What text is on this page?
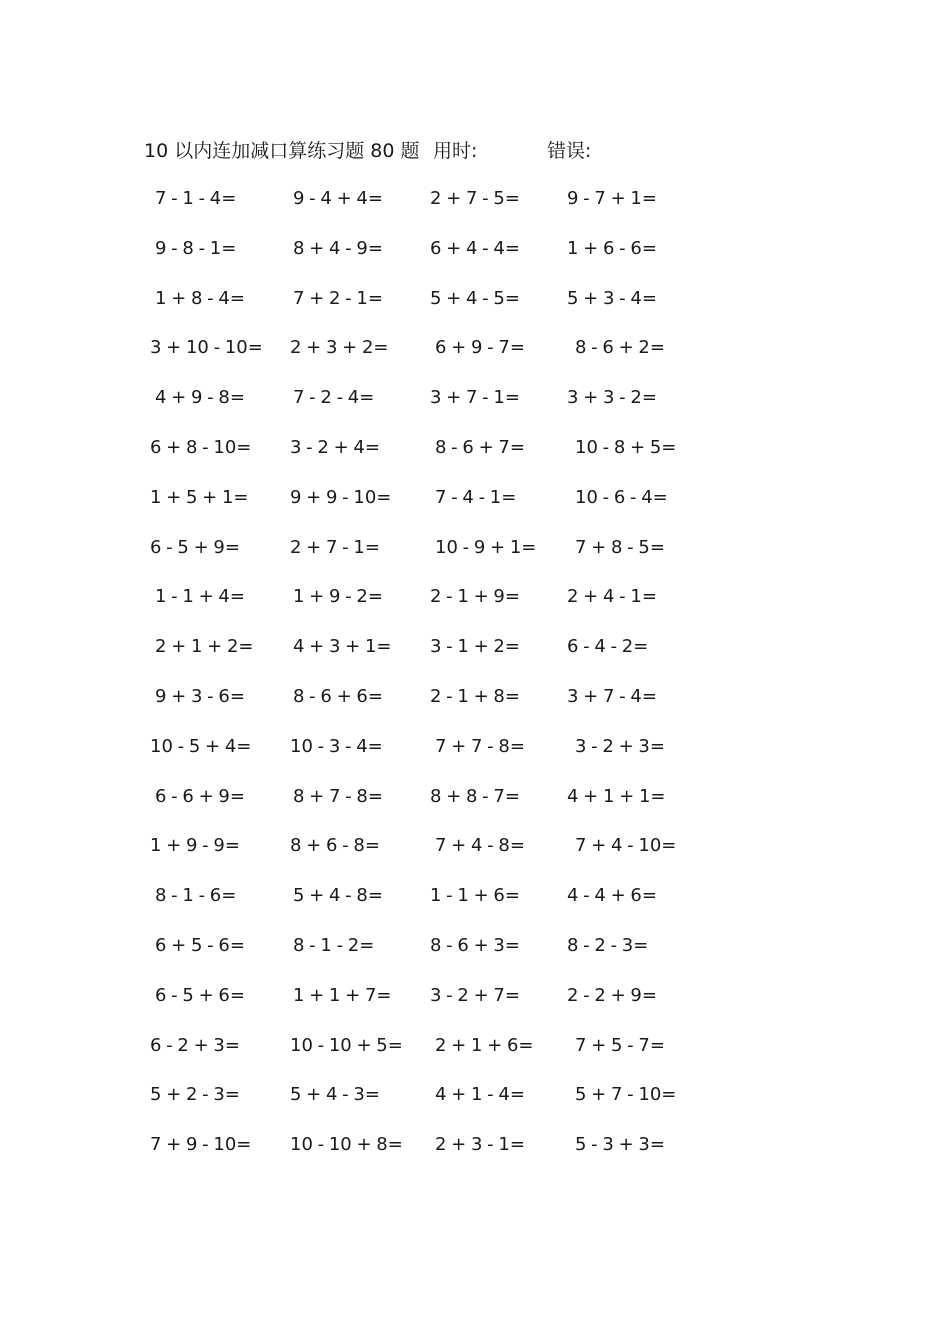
10 以内连加减口算练习题 80 题 用时:	错误:
7 - 1 - 4=	9 - 4 + 4=	2 + 7 - 5=	9 - 7 + 1=
9 - 8 - 1=	8 + 4 - 9=	6 + 4 - 4=	1 + 6 - 6=
1 + 8 - 4=	7 + 2 - 1=	5 + 4 - 5=	5 + 3 - 4=
3 + 10 - 10= 2 + 3 + 2=	6 + 9 - 7=	8 - 6 + 2=
4 + 9 - 8=	7 - 2 - 4=	3 + 7 - 1=	3 + 3 - 2=
6 + 8 - 10= 3 - 2 + 4=	8 - 6 + 7=	10 - 8 + 5=
1 + 5 + 1= 9 + 9 - 10= 7 - 4 - 1=	10 - 6 - 4=
6 - 5 + 9=	2 + 7 - 1=	10 - 9 + 1= 7 + 8 - 5=
1 - 1 + 4=	1 + 9 - 2=	2 - 1 + 9=	2 + 4 - 1=
2 + 1 + 2= 4 + 3 + 1= 3 - 1 + 2=	6 - 4 - 2=
9 + 3 - 6=	8 - 6 + 6=	2 - 1 + 8=	3 + 7 - 4=
10 - 5 + 4= 10 - 3 - 4=	7 + 7 - 8=	3 - 2 + 3=
6 - 6 + 9=	8 + 7 - 8=	8 + 8 - 7=	4 + 1 + 1=
1 + 9 - 9=	8 + 6 - 8=	7 + 4 - 8=	7 + 4 - 10=
8 - 1 - 6=	5 + 4 - 8=	1 - 1 + 6=	4 - 4 + 6=
6 + 5 - 6=	8 - 1 - 2=	8 - 6 + 3=	8 - 2 - 3=
6 - 5 + 6=	1 + 1 + 7= 3 - 2 + 7=	2 - 2 + 9=
6 - 2 + 3=	10 - 10 + 5= 2 + 1 + 6= 7 + 5 - 7=
5 + 2 - 3=	5 + 4 - 3=	4 + 1 - 4=	5 + 7 - 10=
7 + 9 - 10= 10 - 10 + 8= 2 + 3 - 1=	5 - 3 + 3=
